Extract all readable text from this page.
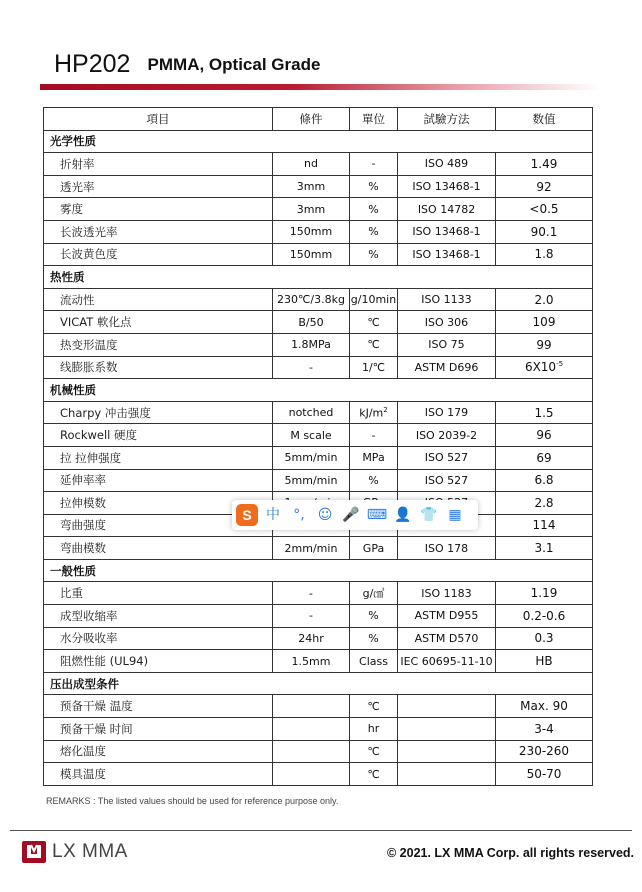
HP202 PMMA, Optical Grade
項目	條件	單位	試驗方法	数值
光学性质				
折射率	nd	-	ISO 489	1.49
透光率	3mm	%	ISO 13468-1	92
雾度	3mm	%	ISO 14782	<0.5
长波透光率	150mm	%	ISO 13468-1	90.1
长波黄色度	150mm	%	ISO 13468-1	1.8
热性质				
流动性	230℃/3.8kg	g/10min	ISO 1133	2.0
VICAT 軟化点	B/50	℃	ISO 306	109
热变形温度	1.8MPa	℃	ISO 75	99
线膨胀系数	-	1/℃	ASTM D696	$6X10^{-5}$
机械性质				
Charpy 冲击强度	notched	$kJ/m^2$	ISO 179	1.5
Rockwell 硬度	M scale	-	ISO 2039-2	96
拉 拉伸强度	5mm/min	MPa	ISO 527	69
延伸率率	5mm/min	%	ISO 527	6.8
拉伸模数				2.8
弯曲强度				114
弯曲模数	2mm/min	GPa	ISO 178	3.1
一般性质				
比重	-	g/㎤	ISO 1183	1.19
成型收缩率	-	%	ASTM D955	0.2-0.6
水分吸收率	24hr	%	ASTM D570	0.3
阻燃性能 (UL94)	1.5mm	Class	IEC 60695-11-10	HB
压出成型条件				
预备干燥 温度		℃		Max. 90
预备干燥 时间		hr		3-4
熔化温度		℃		230-260
模具温度		℃		50-70
REMARKS : The listed values should be used for reference purpose only.
LX MMA	© 2021. LX MMA Corp. all rights reserved.
S	中 °, ☺ 🎤 ⌨ 👤 👕 ▦
